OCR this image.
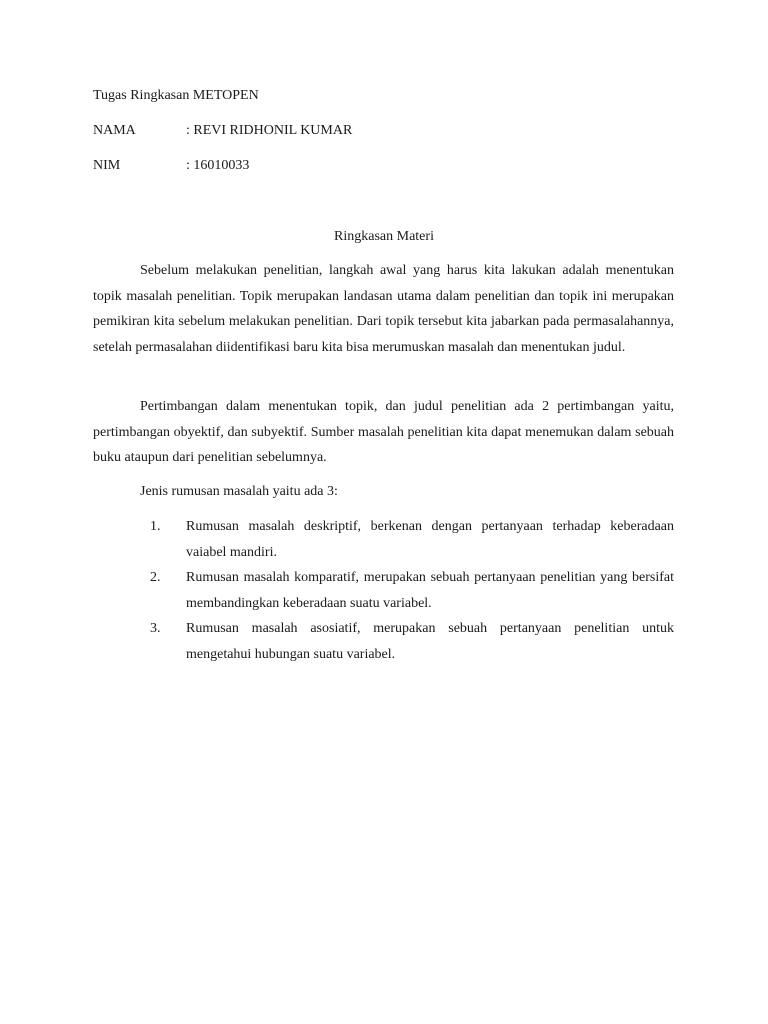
Tugas Ringkasan METOPEN
NAMA	: REVI RIDHONIL KUMAR
NIM	: 16010033
Ringkasan Materi

Sebelum melakukan penelitian, langkah awal yang harus kita lakukan adalah menentukan topik masalah penelitian. Topik merupakan landasan utama dalam penelitian dan topik ini merupakan pemikiran kita sebelum melakukan penelitian. Dari topik tersebut kita jabarkan pada permasalahannya, setelah permasalahan diidentifikasi baru kita bisa merumuskan masalah dan menentukan judul.

Pertimbangan dalam menentukan topik, dan judul penelitian ada 2 pertimbangan yaitu, pertimbangan obyektif, dan subyektif. Sumber masalah penelitian kita dapat menemukan dalam sebuah buku ataupun dari penelitian sebelumnya.

Jenis rumusan masalah yaitu ada 3:

1. Rumusan masalah deskriptif, berkenan dengan pertanyaan terhadap keberadaan vaiabel mandiri.
2. Rumusan masalah komparatif, merupakan sebuah pertanyaan penelitian yang bersifat membandingkan keberadaan suatu variabel.
3. Rumusan masalah asosiatif, merupakan sebuah pertanyaan penelitian untuk mengetahui hubungan suatu variabel.
